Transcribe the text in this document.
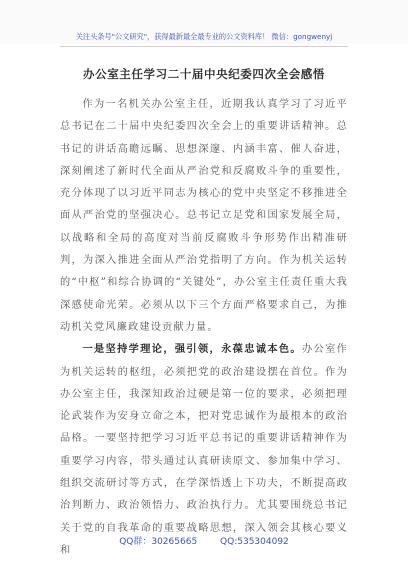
关注头条号"公文研究"，获得最新最全最专业的公文资料库！ 微信：gongwenyj
办公室主任学习二十届中央纪委四次全会感悟

作为一名机关办公室主任，近期我认真学习了习近平总书记在二十届中央纪委四次全会上的重要讲话精神。总书记的讲话高瞻远瞩、思想深邃、内涵丰富、催人奋进，深刻阐述了新时代全面从严治党和反腐败斗争的重要性，充分体现了以习近平同志为核心的党中央坚定不移推进全面从严治党的坚强决心。总书记立足党和国家发展全局，以战略和全局的高度对当前反腐败斗争形势作出精准研判，为深入推进全面从严治党指明了方向。作为机关运转的“中枢”和综合协调的“关键处”，办公室主任责任重大我深感使命光荣。必须从以下三个方面严格要求自己，为推动机关党风廉政建设贡献力量。

一是坚持学理论，强引领，永葆忠诚本色。办公室作为机关运转的枢纽，必须把党的政治建设摆在首位。作为办公室主任，我深知政治过硬是第一位的要求，必须把理论武装作为安身立命之本，把对党忠诚作为最根本的政治品格。一要坚持把学习习近平总书记的重要讲话精神作为重要学习内容，带头通过认真研读原文、参加集中学习、组织交流研讨等方式，在学深悟透上下功夫，不断提高政治判断力、政治领悟力、政治执行力。尤其要围绕总书记关于党的自我革命的重要战略思想，深入领会其核心要义和

QQ群：30265665	QQ:535304092
